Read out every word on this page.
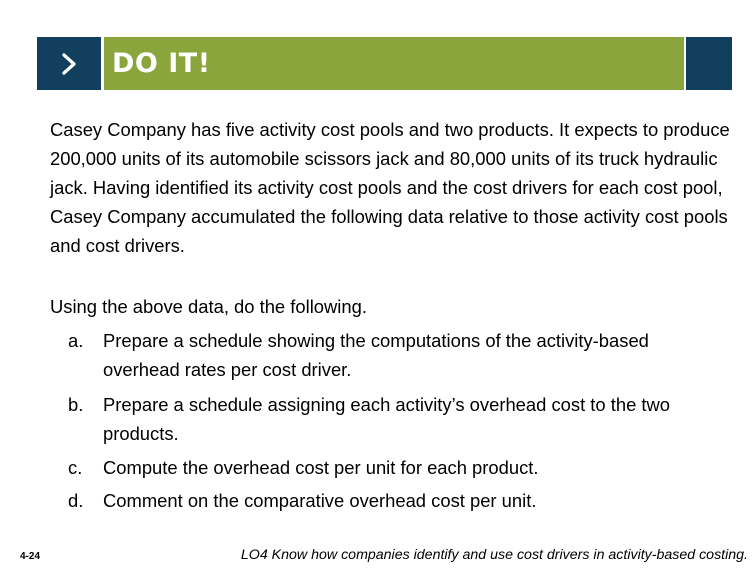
DO IT!

Casey Company has five activity cost pools and two products. It expects to produce 200,000 units of its automobile scissors jack and 80,000 units of its truck hydraulic jack. Having identified its activity cost pools and the cost drivers for each cost pool, Casey Company accumulated the following data relative to those activity cost pools and cost drivers.

Using the above data, do the following.

a.	Prepare a schedule showing the computations of the activity-based overhead rates per cost driver.
b.	Prepare a schedule assigning each activity’s overhead cost to the two products.
c.	Compute the overhead cost per unit for each product.
d.	Comment on the comparative overhead cost per unit.
4-24	LO4 Know how companies identify and use cost drivers in activity-based costing.
